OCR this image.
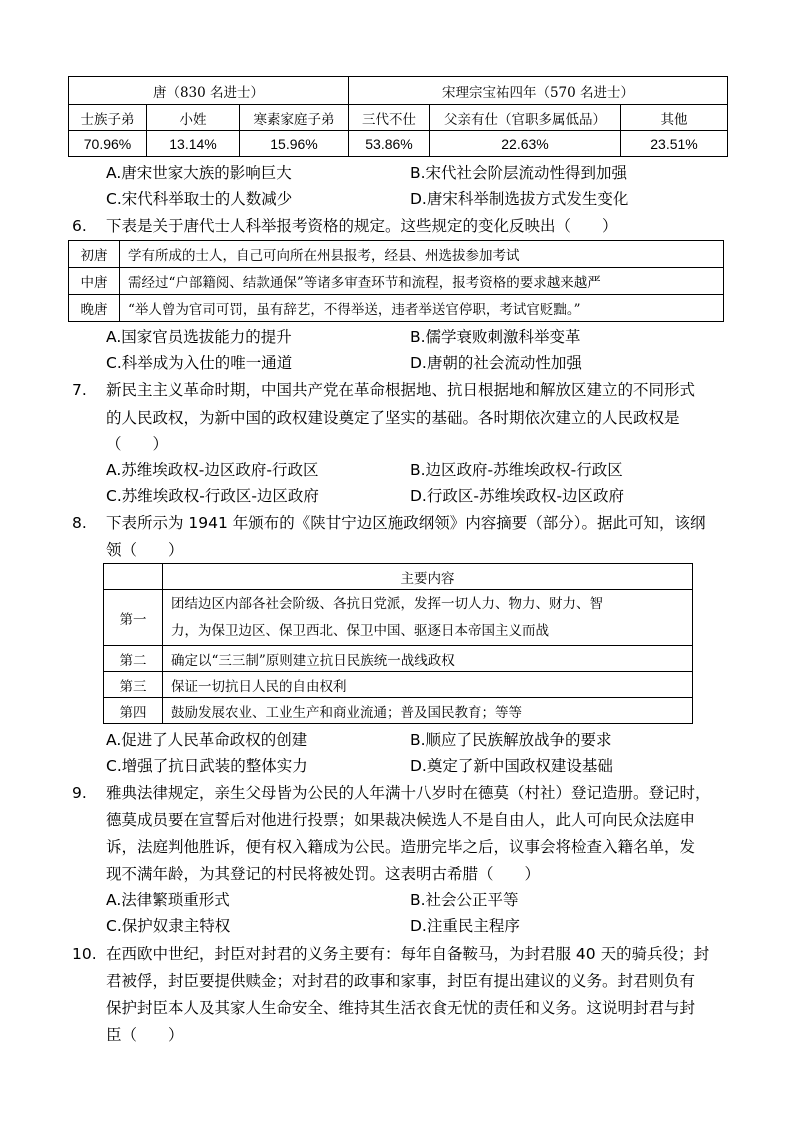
唐（830 名进士）			宋理宗宝祐四年（570 名进士）		
士族子弟	小姓	寒素家庭子弟	三代不仕	父亲有仕（官职多属低品）	其他
70.96%	13.14%	15.96%	53.86%	22.63%	23.51%
A.唐宋世家大族的影响巨大	B.宋代社会阶层流动性得到加强
C.宋代科举取士的人数减少	D.唐宋科举制选拔方式发生变化
6. 下表是关于唐代士人科举报考资格的规定。这些规定的变化反映出（　　）
初唐	学有所成的士人，自己可向所在州县报考，经县、州选拔参加考试
中唐	需经过“户部籍阅、结款通保”等诸多审查环节和流程，报考资格的要求越来越严
晚唐	“举人曾为官司可罚，虽有辞艺，不得举送，违者举送官停职，考试官贬黜。”
A.国家官员选拔能力的提升	B.儒学衰败刺激科举变革
C.科举成为入仕的唯一通道	D.唐朝的社会流动性加强
7. 新民主主义革命时期，中国共产党在革命根据地、抗日根据地和解放区建立的不同形式
的人民政权，为新中国的政权建设奠定了坚实的基础。各时期依次建立的人民政权是
（　　）
A.苏维埃政权-边区政府-行政区	B.边区政府-苏维埃政权-行政区
C.苏维埃政权-行政区-边区政府	D.行政区-苏维埃政权-边区政府
8. 下表所示为 1941 年颁布的《陕甘宁边区施政纲领》内容摘要（部分）。据此可知，该纲
领（　　）
	主要内容
第一	团结边区内部各社会阶级、各抗日党派，发挥一切人力、物力、财力、智
力，为保卫边区、保卫西北、保卫中国、驱逐日本帝国主义而战

第二	确定以“三三制”原则建立抗日民族统一战线政权
第三	保证一切抗日人民的自由权利
第四	鼓励发展农业、工业生产和商业流通；普及国民教育；等等
A.促进了人民革命政权的创建	B.顺应了民族解放战争的要求
C.增强了抗日武装的整体实力	D.奠定了新中国政权建设基础
9. 雅典法律规定，亲生父母皆为公民的人年满十八岁时在德莫（村社）登记造册。登记时，
德莫成员要在宣誓后对他进行投票；如果裁决候选人不是自由人，此人可向民众法庭申
诉，法庭判他胜诉，便有权入籍成为公民。造册完毕之后，议事会将检查入籍名单，发
现不满年龄，为其登记的村民将被处罚。这表明古希腊（　　）
A.法律繁琐重形式	B.社会公正平等
C.保护奴隶主特权	D.注重民主程序
10. 在西欧中世纪，封臣对封君的义务主要有：每年自备鞍马，为封君服 40 天的骑兵役；封
君被俘，封臣要提供赎金；对封君的政事和家事，封臣有提出建议的义务。封君则负有
保护封臣本人及其家人生命安全、维持其生活衣食无忧的责任和义务。这说明封君与封
臣（　　）
